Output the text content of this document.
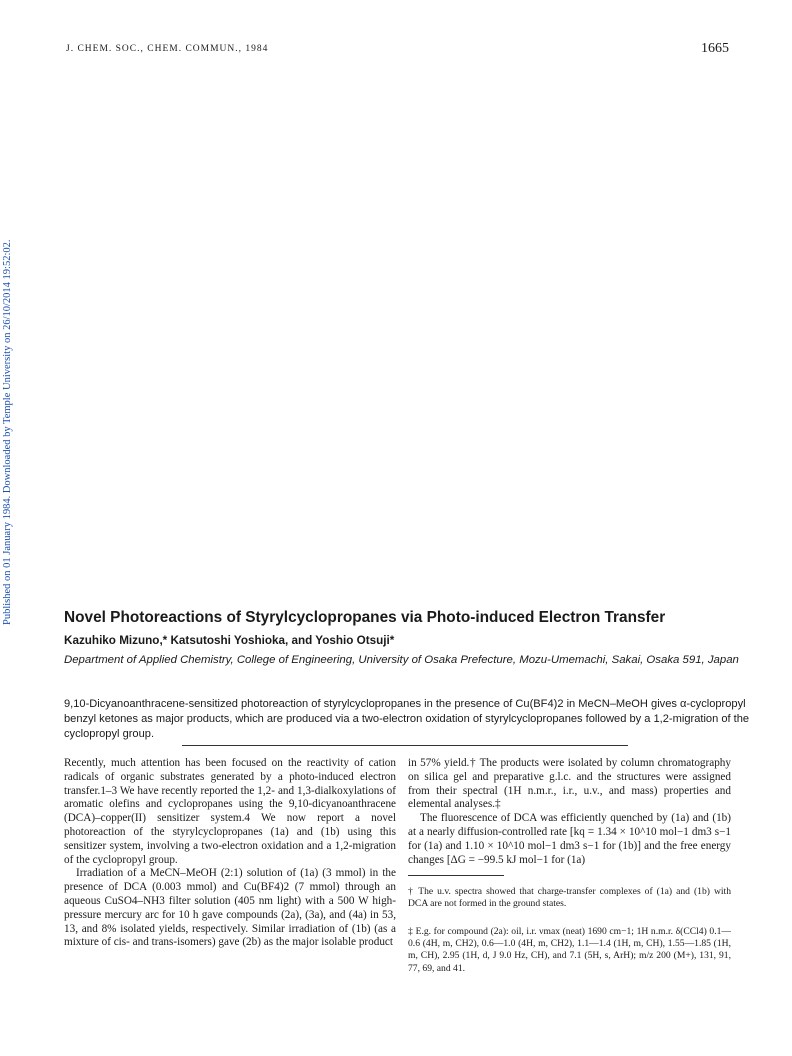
J. CHEM. SOC., CHEM. COMMUN., 1984	1665
Published on 01 January 1984. Downloaded by Temple University on 26/10/2014 19:52:02.	Novel Photoreactions of Styrylcyclopropanes via Photo-induced Electron Transfer
Kazuhiko Mizuno,* Katsutoshi Yoshioka, and Yoshio Otsuji*
Department of Applied Chemistry, College of Engineering, University of Osaka Prefecture, Mozu-Umemachi, Sakai, Osaka 591, Japan
9,10-Dicyanoanthracene-sensitized photoreaction of styrylcyclopropanes in the presence of Cu(BF4)2 in MeCN–MeOH gives α-cyclopropyl benzyl ketones as major products, which are produced via a two-electron oxidation of styrylcyclopropanes followed by a 1,2-migration of the cyclopropyl group.

Recently, much attention has been focused on the reactivity of cation radicals of organic substrates generated by a photo-induced electron transfer.1–3 We have recently reported the 1,2- and 1,3-dialkoxylations of aromatic olefins and cyclopropanes using the 9,10-dicyanoanthracene (DCA)–copper(II) sensitizer system.4 We now report a novel photoreaction of the styrylcyclopropanes (1a) and (1b) using this sensitizer system, involving a two-electron oxidation and a 1,2-migration of the cyclopropyl group.

Irradiation of a MeCN–MeOH (2:1) solution of (1a) (3 mmol) in the presence of DCA (0.003 mmol) and Cu(BF4)2 (7 mmol) through an aqueous CuSO4–NH3 filter solution (405 nm light) with a 500 W high-pressure mercury arc for 10 h gave compounds (2a), (3a), and (4a) in 53, 13, and 8% isolated yields, respectively. Similar irradiation of (1b) (as a mixture of cis- and trans-isomers) gave (2b) as the major isolable product

in 57% yield.† The products were isolated by column chromatography on silica gel and preparative g.l.c. and the structures were assigned from their spectral (1H n.m.r., i.r., u.v., and mass) properties and elemental analyses.‡

The fluorescence of DCA was efficiently quenched by (1a) and (1b) at a nearly diffusion-controlled rate [kq = 1.34 × 10^10 mol−1 dm3 s−1 for (1a) and 1.10 × 10^10 mol−1 dm3 s−1 for (1b)] and the free energy changes [ΔG = −99.5 kJ mol−1 for (1a)

† The u.v. spectra showed that charge-transfer complexes of (1a) and (1b) with DCA are not formed in the ground states.
‡ E.g. for compound (2a): oil, i.r. νmax (neat) 1690 cm−1; 1H n.m.r. δ(CCl4) 0.1—0.6 (4H, m, CH2), 0.6—1.0 (4H, m, CH2), 1.1—1.4 (1H, m, CH), 1.55—1.85 (1H, m, CH), 2.95 (1H, d, J 9.0 Hz, CH), and 7.1 (5H, s, ArH); m/z 200 (M+), 131, 91, 77, 69, and 41.
